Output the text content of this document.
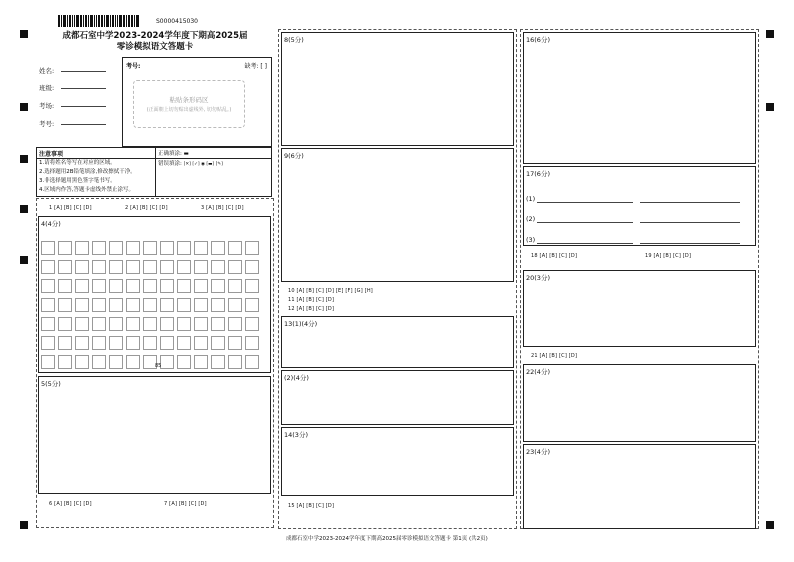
S0000415030
成都石室中学2023-2024学年度下期高2025届
零诊模拟语文答题卡
姓名:
班级:
考场:
考号:
考号:	缺考: [ ]
粘贴条形码区
(正面朝上切勿贴出虚线外, 切勿贴乱。)
注意事项
1.请将姓名等写在对应的区域。
2.选择题用2B铅笔填涂,修改擦拭干净。
3.非选择题用黑色签字笔书写。
4.区域内作答,答题卡虚线外禁止涂写。
正确填涂: ▬
错误填涂: [✕] [✓] ◉ [▬] [✎]
1 [A] [B] [C] [D]	2 [A] [B] [C] [D]	3 [A] [B] [C] [D]
4(4分)
85
5(5分)
6 [A] [B] [C] [D]	7 [A] [B] [C] [D]
8(5分)
9(6分)
10 [A] [B] [C] [D] [E] [F] [G] [H]
11 [A] [B] [C] [D]
12 [A] [B] [C] [D]
13(1)(4分)
(2)(4分)
14(3分)
15 [A] [B] [C] [D]
16(6分)
17(6分)
(1)
(2)
(3)
18 [A] [B] [C] [D]	19 [A] [B] [C] [D]
20(3分)
21 [A] [B] [C] [D]
22(4分)
23(4分)
成都石室中学2023-2024学年度下期高2025届零诊模拟语文答题卡 第1页 (共2页)
